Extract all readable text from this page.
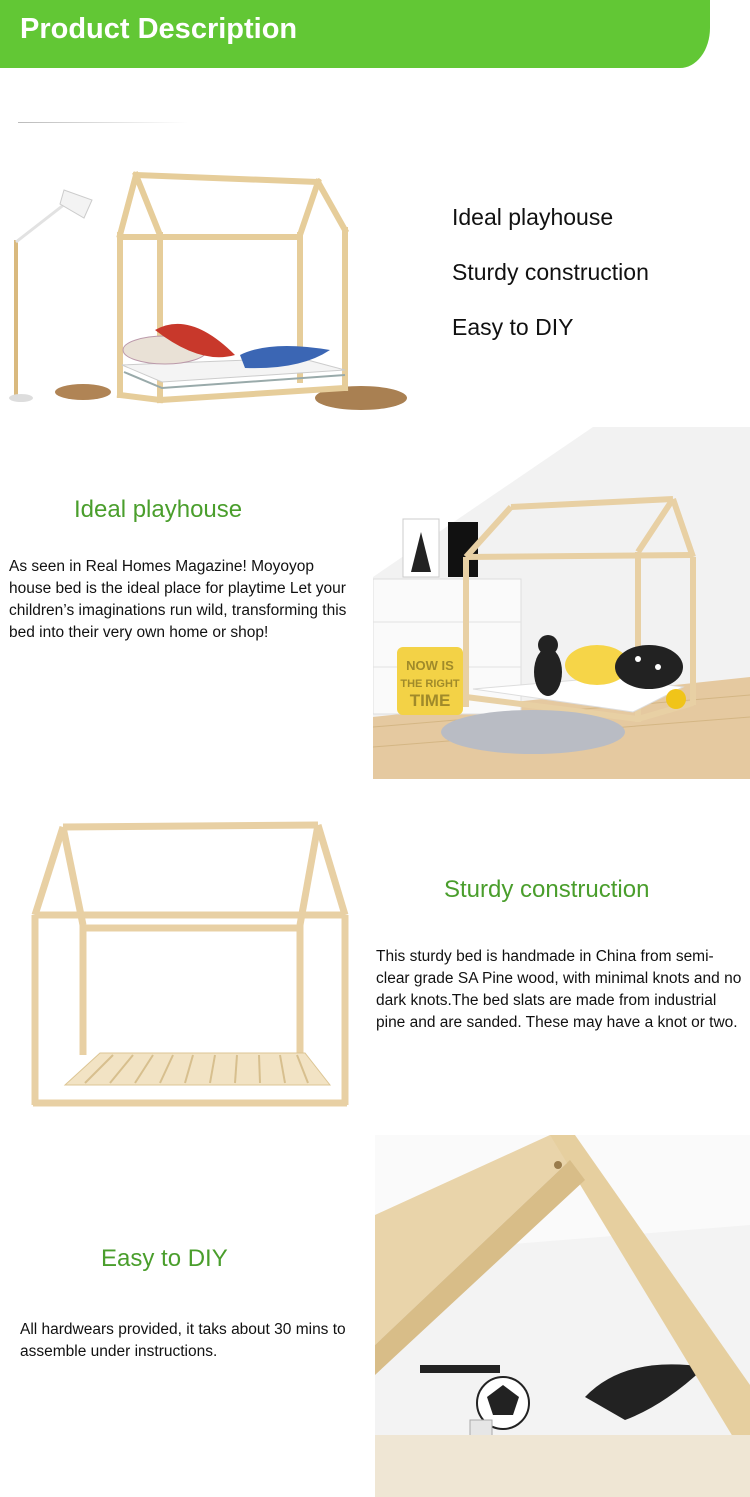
Product Description
Ideal playhouse
Sturdy construction
Easy to DIY
Ideal playhouse
As seen in Real Homes Magazine! Moyoyop house bed is the ideal place for playtime Let your children’s imaginations run wild, transforming this bed into their very own home or shop!
NOW IS
THE RIGHT
TIME
Sturdy construction
This sturdy bed is handmade in China from semi-clear grade SA Pine wood, with minimal knots and no dark knots.The bed slats are made from industrial pine and are sanded. These may have a knot or two.
Easy to DIY
All hardwears provided, it taks about 30 mins to assemble under instructions.
